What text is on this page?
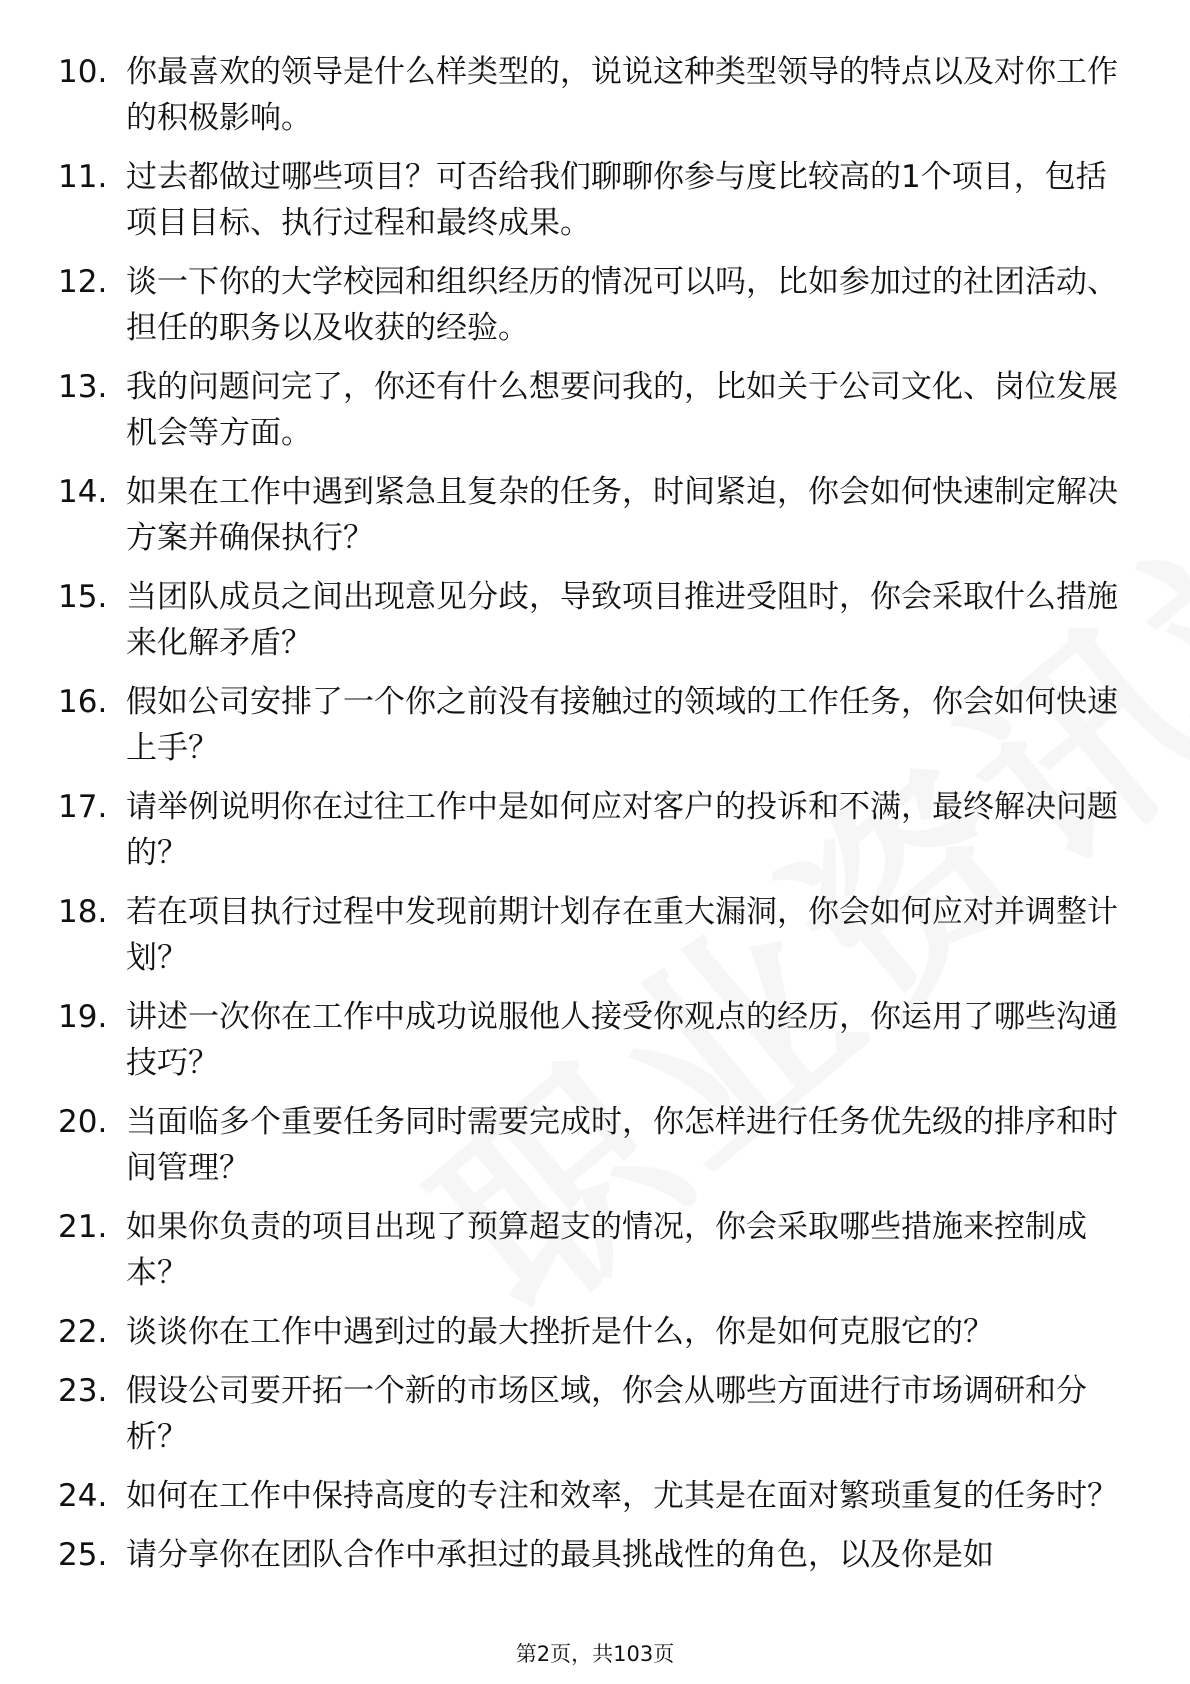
10. 你最喜欢的领导是什么样类型的，说说这种类型领导的特点以及对你工作的积极影响。
11. 过去都做过哪些项目？可否给我们聊聊你参与度比较高的1个项目，包括项目目标、执行过程和最终成果。
12. 谈一下你的大学校园和组织经历的情况可以吗，比如参加过的社团活动、担任的职务以及收获的经验。
13. 我的问题问完了，你还有什么想要问我的，比如关于公司文化、岗位发展机会等方面。
14. 如果在工作中遇到紧急且复杂的任务，时间紧迫，你会如何快速制定解决方案并确保执行？
15. 当团队成员之间出现意见分歧，导致项目推进受阻时，你会采取什么措施来化解矛盾？
16. 假如公司安排了一个你之前没有接触过的领域的工作任务，你会如何快速上手？
17. 请举例说明你在过往工作中是如何应对客户的投诉和不满，最终解决问题的？
18. 若在项目执行过程中发现前期计划存在重大漏洞，你会如何应对并调整计划？
19. 讲述一次你在工作中成功说服他人接受你观点的经历，你运用了哪些沟通技巧？
20. 当面临多个重要任务同时需要完成时，你怎样进行任务优先级的排序和时间管理？
21. 如果你负责的项目出现了预算超支的情况，你会采取哪些措施来控制成本？
22. 谈谈你在工作中遇到过的最大挫折是什么，你是如何克服它的？
23. 假设公司要开拓一个新的市场区域，你会从哪些方面进行市场调研和分析？
24. 如何在工作中保持高度的专注和效率，尤其是在面对繁琐重复的任务时？
25. 请分享你在团队合作中承担过的最具挑战性的角色，以及你是如
第2页，共103页
